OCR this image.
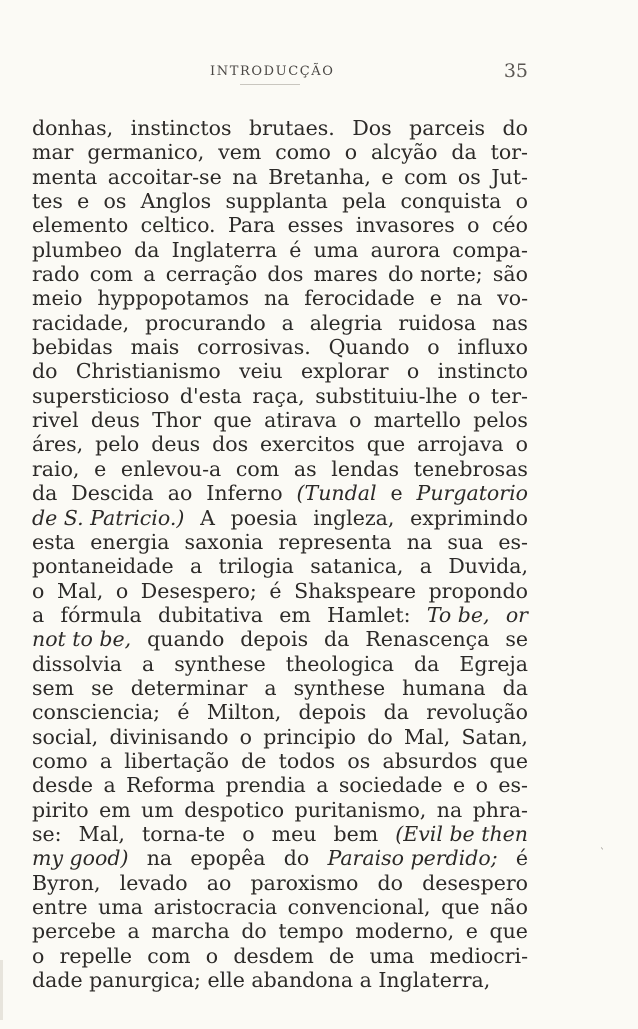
INTRODUCÇÃO	35
donhas, instinctos brutaes. Dos parceis do
mar germanico, vem como o alcyão da tor-
menta accoitar-se na Bretanha, e com os Jut-
tes e os Anglos supplanta pela conquista o
elemento celtico. Para esses invasores o céo
plumbeo da Inglaterra é uma aurora compa-
rado com a cerração dos mares do norte; são
meio hyppopotamos na ferocidade e na vo-
racidade, procurando a alegria ruidosa nas
bebidas mais corrosivas. Quando o influxo
do Christianismo veiu explorar o instincto
supersticioso d'esta raça, substituiu-lhe o ter-
rivel deus Thor que atirava o martello pelos
áres, pelo deus dos exercitos que arrojava o
raio, e enlevou-a com as lendas tenebrosas
da Descida ao Inferno (Tundal e Purgatorio
de S. Patricio.) A poesia ingleza, exprimindo
esta energia saxonia representa na sua es-
pontaneidade a trilogia satanica, a Duvida,
o Mal, o Desespero; é Shakspeare propondo
a fórmula dubitativa em Hamlet: To be, or
not to be, quando depois da Renascença se
dissolvia a synthese theologica da Egreja
sem se determinar a synthese humana da
consciencia; é Milton, depois da revolução
social, divinisando o principio do Mal, Satan,
como a libertação de todos os absurdos que
desde a Reforma prendia a sociedade e o es-
pirito em um despotico puritanismo, na phra-
se: Mal, torna-te o meu bem (Evil be then
my good) na epopêa do Paraiso perdido; é
Byron, levado ao paroxismo do desespero
entre uma aristocracia convencional, que não
percebe a marcha do tempo moderno, e que
o repelle com o desdem de uma mediocri-
dade panurgica; elle abandona a Inglaterra,
`
